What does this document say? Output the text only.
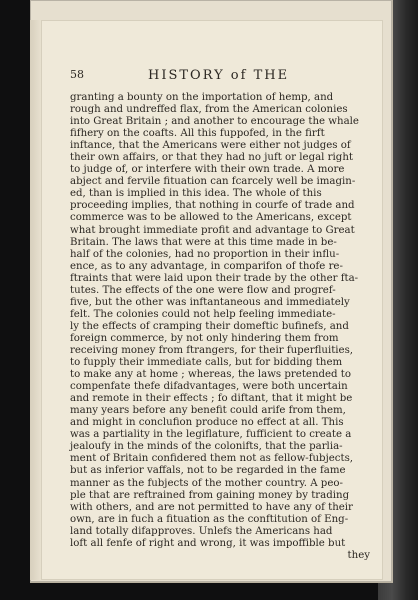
58	HISTORY of THE
granting a bounty on the importation of hemp, and
rough and undreffed flax, from the American colonies
into Great Britain ; and another to encourage the whale
fifhery on the coafts. All this fuppofed, in the firft
inftance, that the Americans were either not judges of
their own affairs, or that they had no juft or legal right
to judge of, or interfere with their own trade. A more
abject and fervile fituation can fcarcely well be imagin-
ed, than is implied in this idea. The whole of this
proceeding implies, that nothing in courfe of trade and
commerce was to be allowed to the Americans, except
what brought immediate profit and advantage to Great
Britain. The laws that were at this time made in be-
half of the colonies, had no proportion in their influ-
ence, as to any advantage, in comparifon of thofe re-
ftraints that were laid upon their trade by the other fta-
tutes. The effects of the one were flow and progref-
five, but the other was inftantaneous and immediately
felt. The colonies could not help feeling immediate-
ly the effects of cramping their domeftic bufinefs, and
foreign commerce, by not only hindering them from
receiving money from ftrangers, for their fuperfluities,
to fupply their immediate calls, but for bidding them
to make any at home ; whereas, the laws pretended to
compenfate thefe difadvantages, were both uncertain
and remote in their effects ; fo diftant, that it might be
many years before any benefit could arife from them,
and might in conclufion produce no effect at all. This
was a partiality in the legiflature, fufficient to create a
jealoufy in the minds of the colonifts, that the parlia-
ment of Britain confidered them not as fellow-fubjects,
but as inferior vaffals, not to be regarded in the fame
manner as the fubjects of the mother country. A peo-
ple that are reftrained from gaining money by trading
with others, and are not permitted to have any of their
own, are in fuch a fituation as the conftitution of Eng-
land totally difapproves. Unlefs the Americans had
loft all fenfe of right and wrong, it was impoffible but
they
